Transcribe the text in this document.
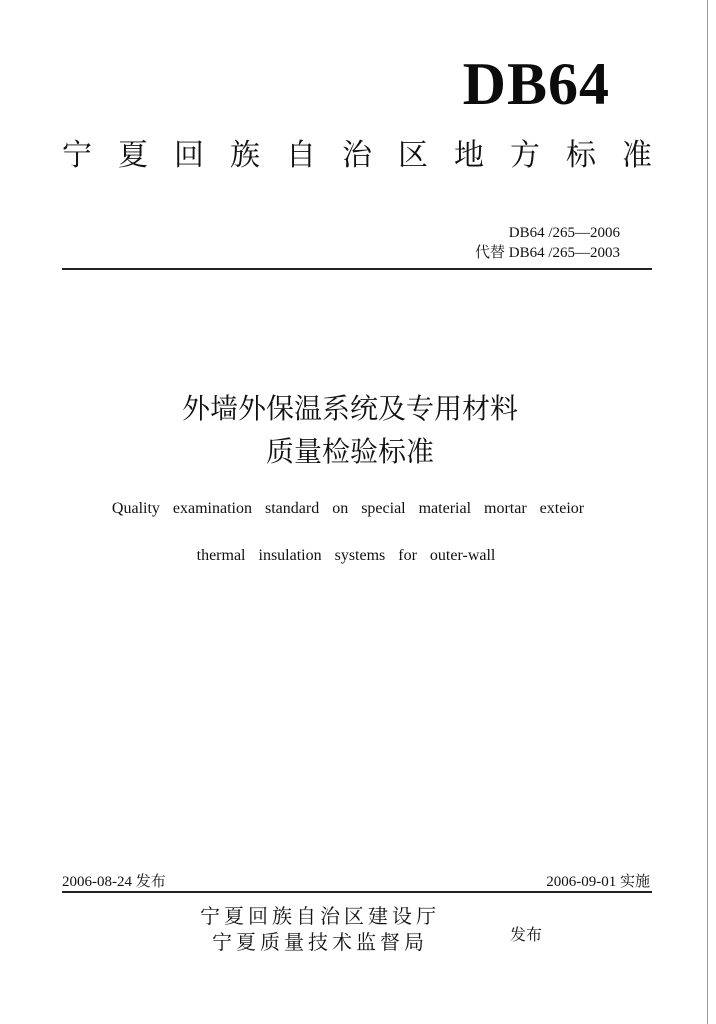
DB64
宁夏回族自治区地方标准
DB64 /265—2006
代替 DB64 /265—2003
外墙外保温系统及专用材料
质量检验标准
Quality examination standard on special material mortar exteior
thermal insulation systems for outer-wall
2006-08-24 发布	2006-09-01 实施
宁夏回族自治区建设厅
宁夏质量技术监督局	发布
